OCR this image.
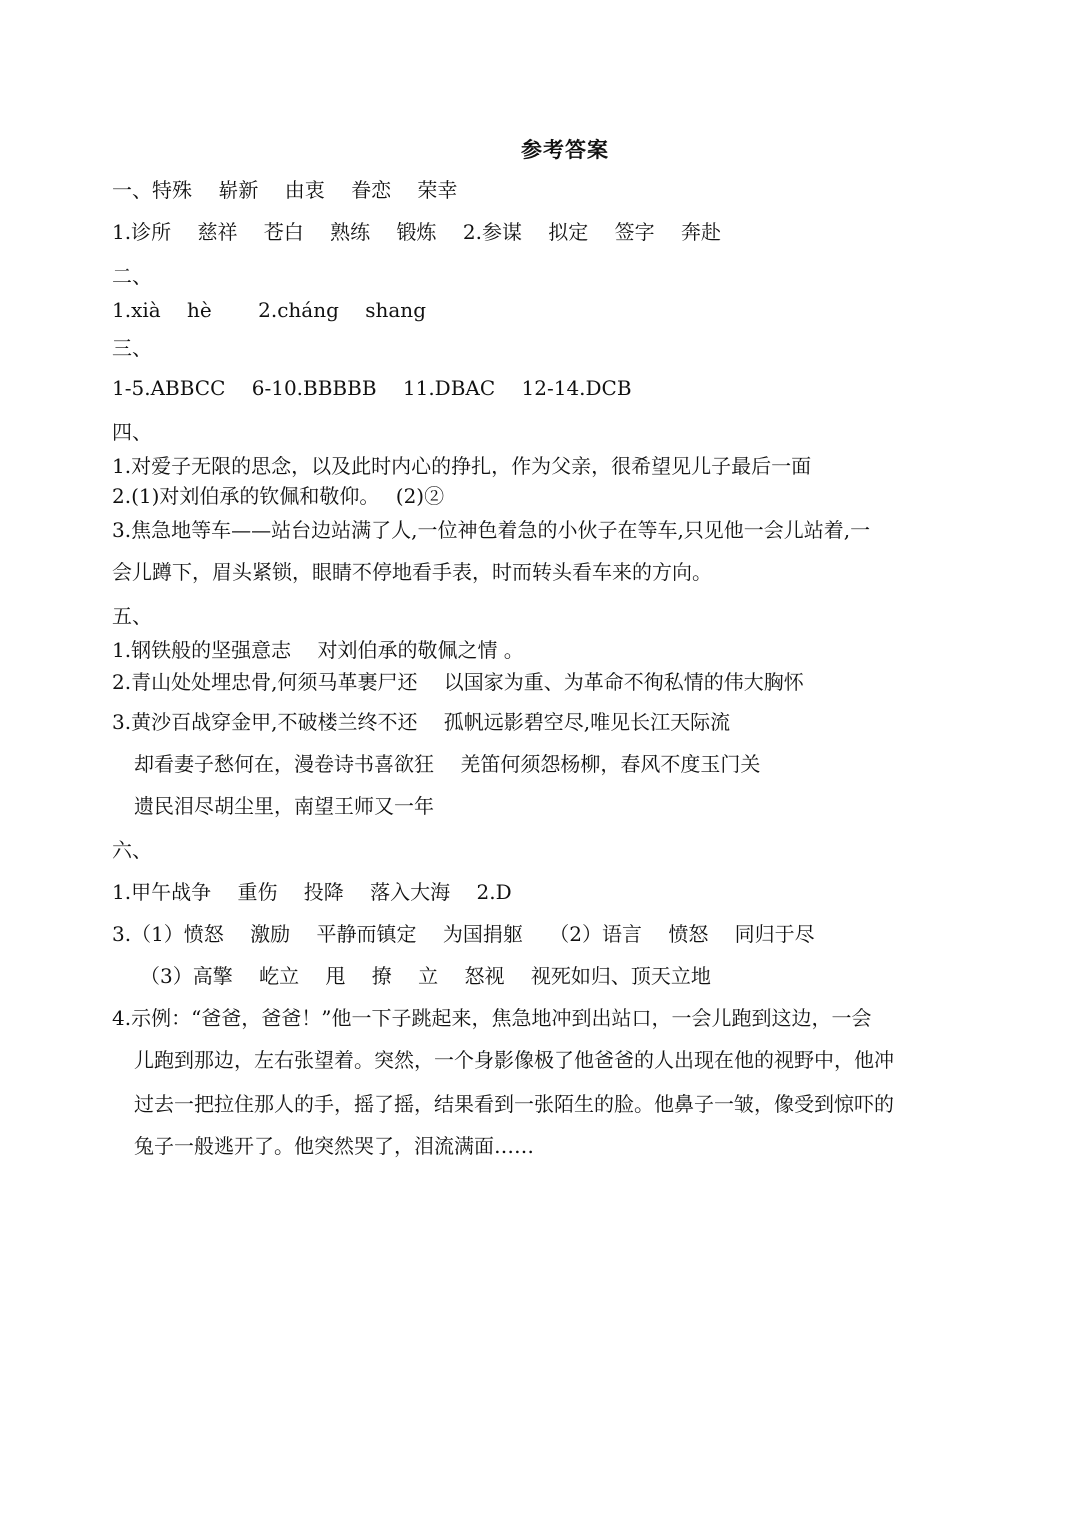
参考答案
一、特殊　 崭新　 由衷　 眷恋　 荣幸
1.诊所　 慈祥　 苍白　 熟练　 锻炼　 2.参谋　 拟定　 签字　 奔赴
二、
1.xià　 hè　　 2.cháng　 shang
三、
1-5.ABBCC　 6-10.BBBBB　 11.DBAC　 12-14.DCB
四、
1.对爱子无限的思念，以及此时内心的挣扎，作为父亲，很希望见儿子最后一面
2.(1)对刘伯承的钦佩和敬仰。　 (2)②
3.焦急地等车——站台边站满了人,一位神色着急的小伙子在等车,只见他一会儿站着,一
会儿蹲下，眉头紧锁，眼睛不停地看手表，时而转头看车来的方向。
五、
1.钢铁般的坚强意志　 对刘伯承的敬佩之情 。
2.青山处处埋忠骨,何须马革裹尸还　 以国家为重、为革命不徇私情的伟大胸怀
3.黄沙百战穿金甲,不破楼兰终不还　 孤帆远影碧空尽,唯见长江天际流
却看妻子愁何在，漫卷诗书喜欲狂　 羌笛何须怨杨柳，春风不度玉门关
遗民泪尽胡尘里，南望王师又一年
六、
1.甲午战争　 重伤　 投降　 落入大海　 2.D
3.（1）愤怒　 激励　 平静而镇定　 为国捐躯　 （2）语言　 愤怒　 同归于尽
（3）高擎　 屹立　 甩　 撩　 立　 怒视　 视死如归、顶天立地
4.示例：“爸爸，爸爸！”他一下子跳起来，焦急地冲到出站口，一会儿跑到这边，一会
儿跑到那边，左右张望着。突然，一个身影像极了他爸爸的人出现在他的视野中，他冲
过去一把拉住那人的手，摇了摇，结果看到一张陌生的脸。他鼻子一皱，像受到惊吓的
兔子一般逃开了。他突然哭了，泪流满面……
